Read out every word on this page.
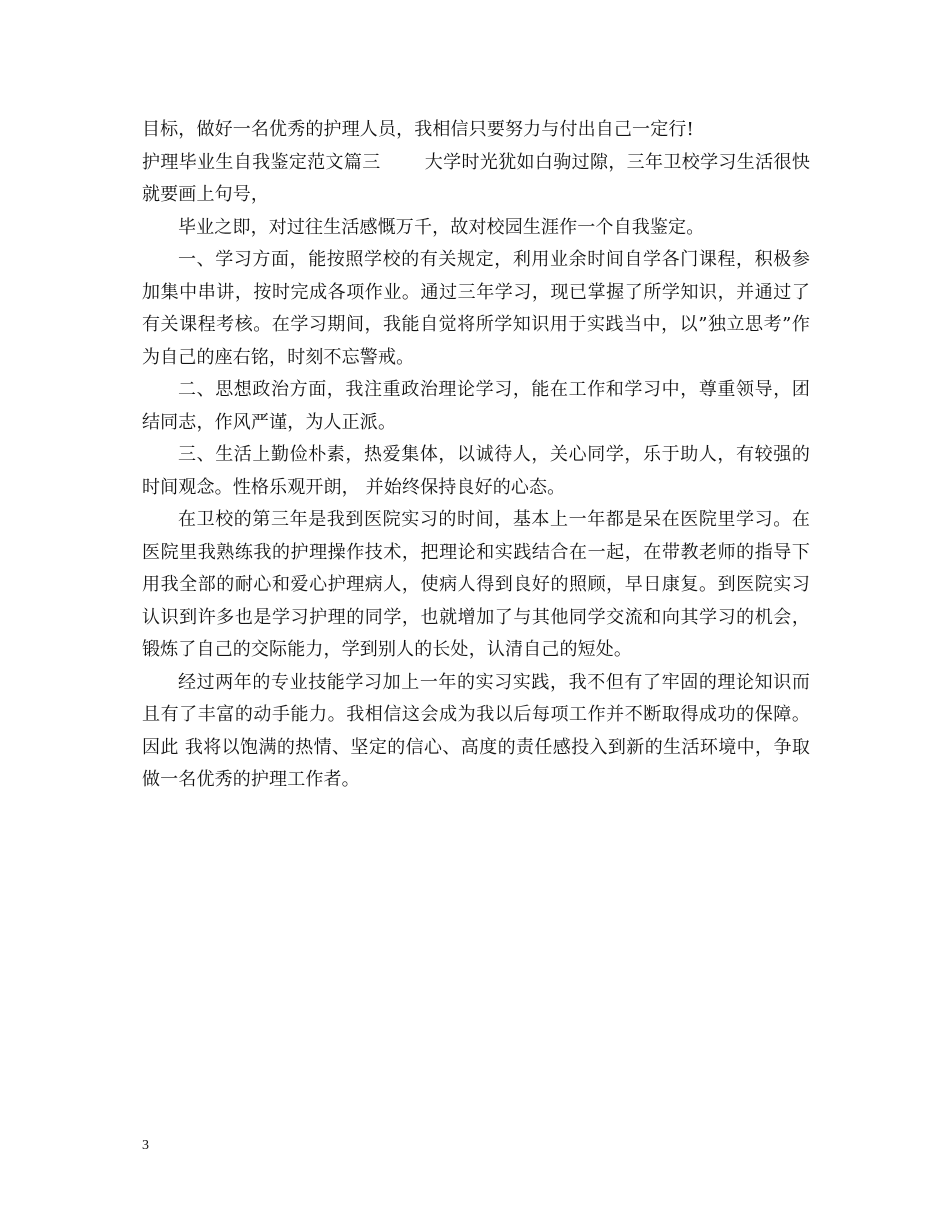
目标，做好一名优秀的护理人员，我相信只要努力与付出自己一定行!

护理毕业生自我鉴定范文篇三 大学时光犹如白驹过隙，三年卫校学习生活很快就要画上句号，

毕业之即，对过往生活感慨万千，故对校园生涯作一个自我鉴定。

一、学习方面，能按照学校的有关规定，利用业余时间自学各门课程，积极参加集中串讲，按时完成各项作业。通过三年学习，现已掌握了所学知识，并通过了有关课程考核。在学习期间，我能自觉将所学知识用于实践当中，以”独立思考”作为自己的座右铭，时刻不忘警戒。

二、思想政治方面，我注重政治理论学习，能在工作和学习中，尊重领导，团结同志，作风严谨，为人正派。

三、生活上勤俭朴素，热爱集体，以诚待人，关心同学，乐于助人，有较强的时间观念。性格乐观开朗， 并始终保持良好的心态。

在卫校的第三年是我到医院实习的时间，基本上一年都是呆在医院里学习。在医院里我熟练我的护理操作技术，把理论和实践结合在一起，在带教老师的指导下用我全部的耐心和爱心护理病人，使病人得到良好的照顾，早日康复。到医院实习认识到许多也是学习护理的同学，也就增加了与其他同学交流和向其学习的机会，锻炼了自己的交际能力，学到别人的长处，认清自己的短处。

经过两年的专业技能学习加上一年的实习实践，我不但有了牢固的理论知识而且有了丰富的动手能力。我相信这会成为我以后每项工作并不断取得成功的保障。因此 我将以饱满的热情、坚定的信心、高度的责任感投入到新的生活环境中，争取做一名优秀的护理工作者。

3
